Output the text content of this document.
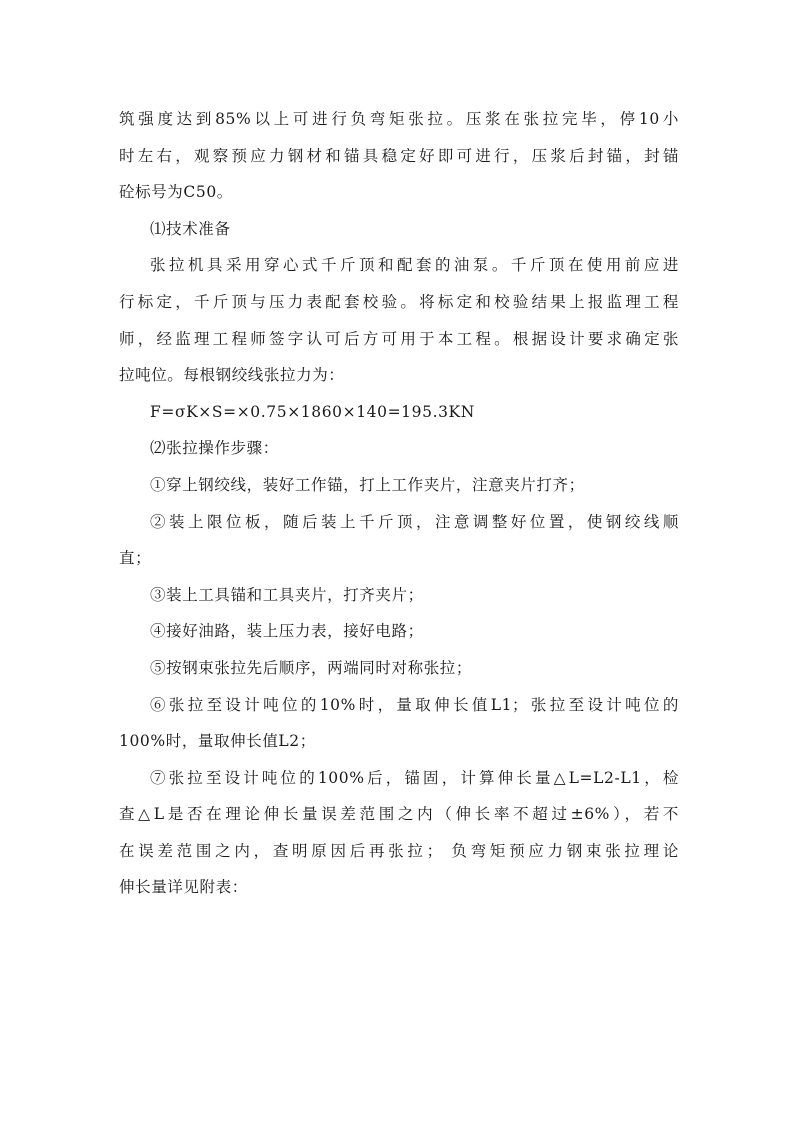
筑强度达到85%以上可进行负弯矩张拉。压浆在张拉完毕，停10小
时左右，观察预应力钢材和锚具稳定好即可进行，压浆后封锚，封锚
砼标号为C50。
⑴技术准备
张拉机具采用穿心式千斤顶和配套的油泵。千斤顶在使用前应进
行标定，千斤顶与压力表配套校验。将标定和校验结果上报监理工程
师，经监理工程师签字认可后方可用于本工程。根据设计要求确定张
拉吨位。每根钢绞线张拉力为：
F=σK×S=×0.75×1860×140=195.3KN
⑵张拉操作步骤：
①穿上钢绞线，装好工作锚，打上工作夹片，注意夹片打齐；
②装上限位板，随后装上千斤顶，注意调整好位置，使钢绞线顺
直；
③装上工具锚和工具夹片，打齐夹片；
④接好油路，装上压力表，接好电路；
⑤按钢束张拉先后顺序，两端同时对称张拉；
⑥张拉至设计吨位的10%时，量取伸长值L1；张拉至设计吨位的
100%时，量取伸长值L2；
⑦张拉至设计吨位的100%后，锚固，计算伸长量△L=L2-L1，检
查△L是否在理论伸长量误差范围之内（伸长率不超过±6%），若不
在误差范围之内，查明原因后再张拉； 负弯矩预应力钢束张拉理论
伸长量详见附表：
